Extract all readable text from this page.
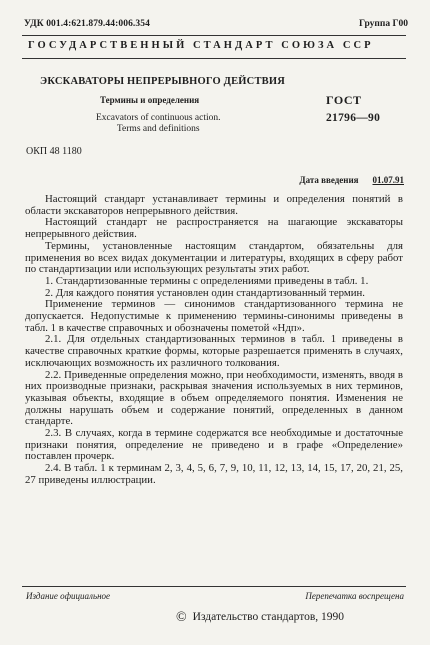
УДК 001.4:621.879.44:006.354	Группа Г00
ГОСУДАРСТВЕННЫЙ СТАНДАРТ СОЮЗА ССР
ЭКСКАВАТОРЫ НЕПРЕРЫВНОГО ДЕЙСТВИЯ
Термины и определения
Excavators of continuous action.
Terms and definitions
ГОСТ
21796—90
ОКП 48 1180
Дата введения 01.07.91

Настоящий стандарт устанавливает термины и определения понятий в области экскаваторов непрерывного действия.

Настоящий стандарт не распространяется на шагающие экскаваторы непрерывного действия.

Термины, установленные настоящим стандартом, обязательны для применения во всех видах документации и литературы, входящих в сферу работ по стандартизации или использующих результаты этих работ.

1. Стандартизованные термины с определениями приведены в табл. 1.

2. Для каждого понятия установлен один стандартизованный термин.

Применение терминов — синонимов стандартизованного термина не допускается. Недопустимые к применению термины-синонимы приведены в табл. 1 в качестве справочных и обозначены пометой «Ндп».

2.1. Для отдельных стандартизованных терминов в табл. 1 приведены в качестве справочных краткие формы, которые разрешается применять в случаях, исключающих возможность их различного толкования.

2.2. Приведенные определения можно, при необходимости, изменять, вводя в них производные признаки, раскрывая значения используемых в них терминов, указывая объекты, входящие в объем определяемого понятия. Изменения не должны нарушать объем и содержание понятий, определенных в данном стандарте.

2.3. В случаях, когда в термине содержатся все необходимые и достаточные признаки понятия, определение не приведено и в графе «Определение» поставлен прочерк.

2.4. В табл. 1 к терминам 2, 3, 4, 5, 6, 7, 9, 10, 11, 12, 13, 14, 15, 17, 20, 21, 25, 27 приведены иллюстрации.

Издание официальное	Перепечатка воспрещена
© Издательство стандартов, 1990
